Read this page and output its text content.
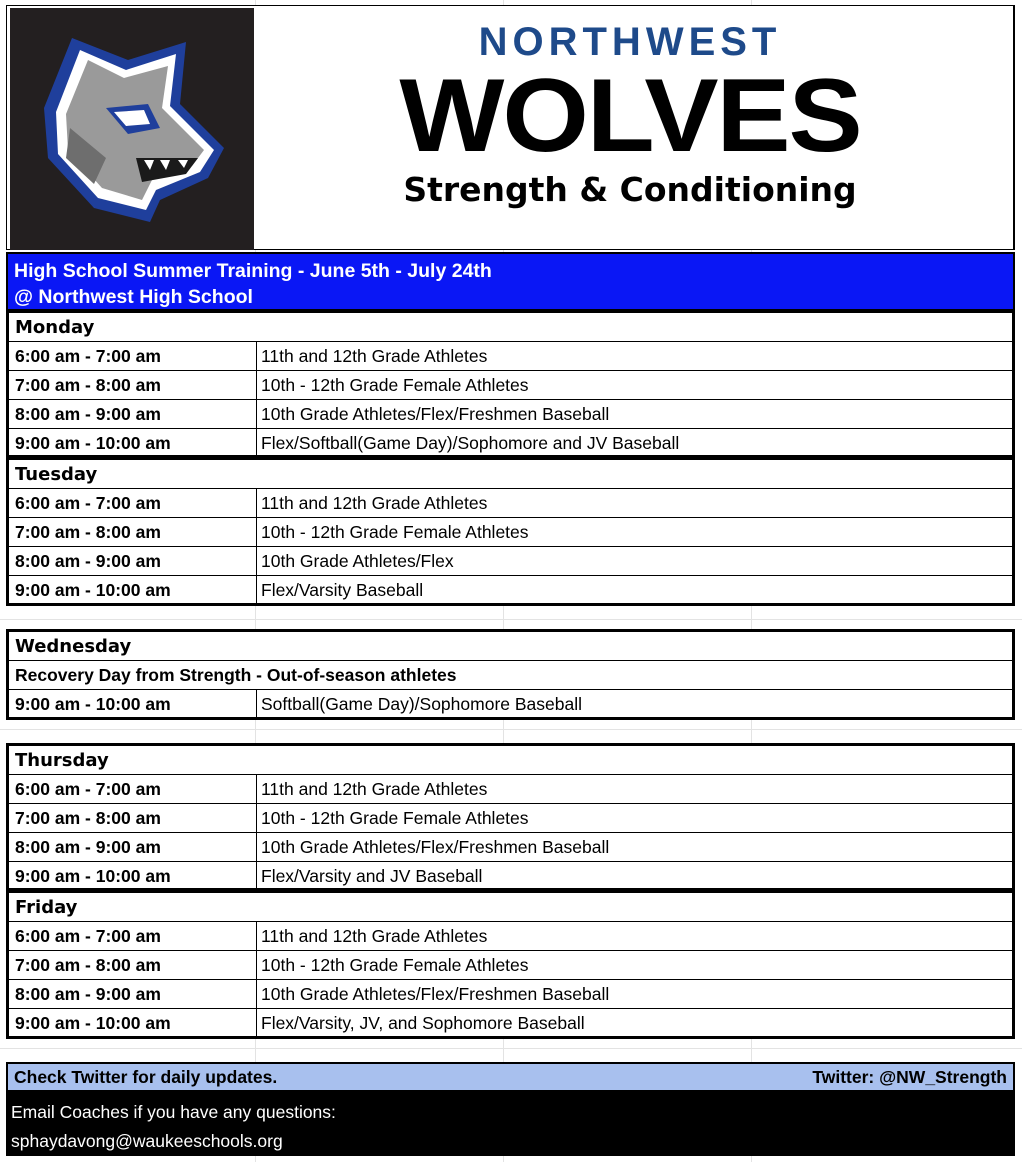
NORTHWEST
WOLVES
Strength & Conditioning
High School Summer Training - June 5th - July 24th
@ Northwest High School
Monday
6:00 am - 7:00 am	11th and 12th Grade Athletes
7:00 am - 8:00 am	10th - 12th Grade Female Athletes
8:00 am - 9:00 am	10th Grade Athletes/Flex/Freshmen Baseball
9:00 am - 10:00 am	Flex/Softball(Game Day)/Sophomore and JV Baseball
Tuesday
6:00 am - 7:00 am	11th and 12th Grade Athletes
7:00 am - 8:00 am	10th - 12th Grade Female Athletes
8:00 am - 9:00 am	10th Grade Athletes/Flex
9:00 am - 10:00 am	Flex/Varsity Baseball
Wednesday
Recovery Day from Strength - Out-of-season athletes
9:00 am - 10:00 am	Softball(Game Day)/Sophomore Baseball
Thursday
6:00 am - 7:00 am	11th and 12th Grade Athletes
7:00 am - 8:00 am	10th - 12th Grade Female Athletes
8:00 am - 9:00 am	10th Grade Athletes/Flex/Freshmen Baseball
9:00 am - 10:00 am	Flex/Varsity and JV Baseball
Friday
6:00 am - 7:00 am	11th and 12th Grade Athletes
7:00 am - 8:00 am	10th - 12th Grade Female Athletes
8:00 am - 9:00 am	10th Grade Athletes/Flex/Freshmen Baseball
9:00 am - 10:00 am	Flex/Varsity, JV, and Sophomore Baseball
Check Twitter for daily updates.	Twitter: @NW_Strength
Email Coaches if you have any questions:
sphaydavong@waukeeschools.org
